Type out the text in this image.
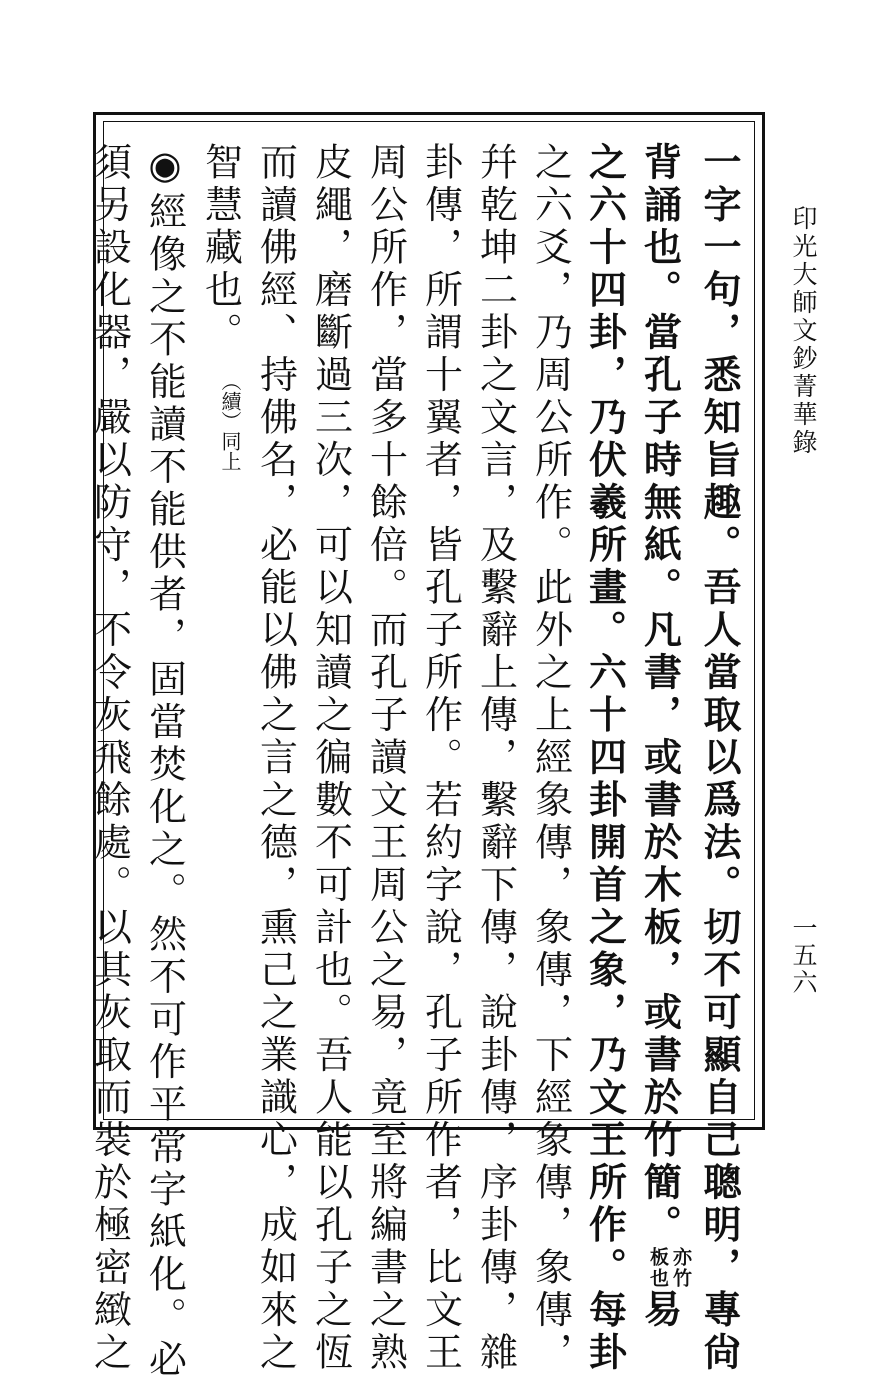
印光大師文鈔菁華錄
一五六
一字一句，悉知旨趣。吾人當取以爲法。切不可顯自己聰明，專尙
背誦也。當孔子時無紙。凡書，或書於木板，或書於竹簡。
亦竹
板也
易
之六十四卦，乃伏羲所畫。六十四卦開首之象，乃文王所作。每卦
之六爻，乃周公所作。此外之上經象傳，象傳，下經象傳，象傳，
幷乾坤二卦之文言，及繫辭上傳，繫辭下傳，說卦傳，序卦傳，雜
卦傳，所謂十翼者，皆孔子所作。若約字說，孔子所作者，比文王
周公所作，當多十餘倍。而孔子讀文王周公之易，竟至將編書之熟
皮繩，磨斷過三次，可以知讀之徧數不可計也。吾人能以孔子之恆
而讀佛經、持佛名，必能以佛之言之德，熏己之業識心，成如來之
智慧藏也。 （續）同上
◉經像之不能讀不能供者，固當焚化之。然不可作平常字紙化。必
須另設化器，嚴以防守，不令灰飛餘處。以其灰取而裝於極密緻之
